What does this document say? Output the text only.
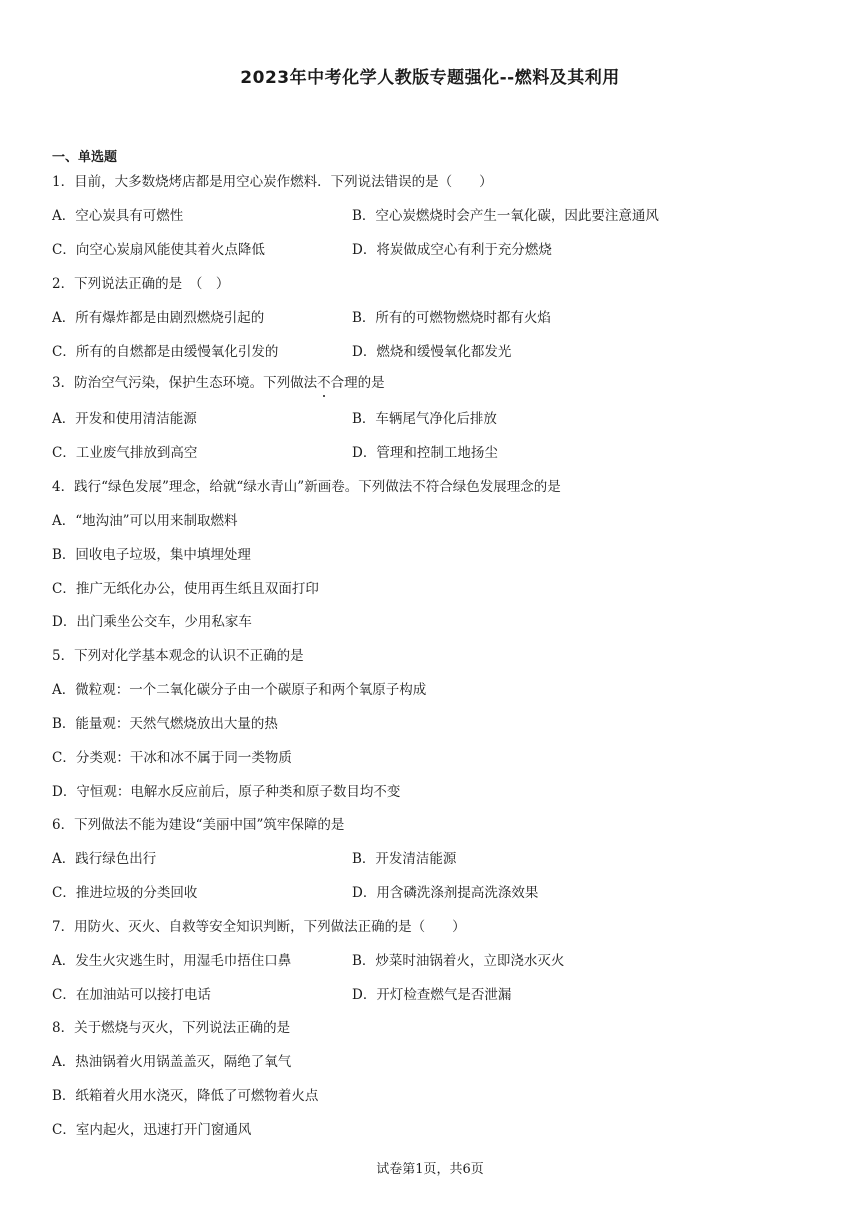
2023年中考化学人教版专题强化--燃料及其利用
一、单选题
1．目前，大多数烧烤店都是用空心炭作燃料．下列说法错误的是（　　）
A．空心炭具有可燃性	B．空心炭燃烧时会产生一氧化碳，因此要注意通风
C．向空心炭扇风能使其着火点降低	D．将炭做成空心有利于充分燃烧
2．下列说法正确的是　（　）
A．所有爆炸都是由剧烈燃烧引起的	B．所有的可燃物燃烧时都有火焰
C．所有的自燃都是由缓慢氧化引发的	D．燃烧和缓慢氧化都发光
3．防治空气污染，保护生态环境。下列做法不合理的是
A．开发和使用清洁能源	B．车辆尾气净化后排放
C．工业废气排放到高空	D．管理和控制工地扬尘
4．践行“绿色发展”理念，给就“绿水青山”新画卷。下列做法不符合绿色发展理念的是
A．“地沟油”可以用来制取燃料
B．回收电子垃圾，集中填埋处理
C．推广无纸化办公，使用再生纸且双面打印
D．出门乘坐公交车，少用私家车
5．下列对化学基本观念的认识不正确的是
A．微粒观：一个二氧化碳分子由一个碳原子和两个氧原子构成
B．能量观：天然气燃烧放出大量的热
C．分类观：干冰和冰不属于同一类物质
D．守恒观：电解水反应前后，原子种类和原子数目均不变
6．下列做法不能为建设“美丽中国”筑牢保障的是
A．践行绿色出行	B．开发清洁能源
C．推进垃圾的分类回收	D．用含磷洗涤剂提高洗涤效果
7．用防火、灭火、自救等安全知识判断，下列做法正确的是（　　）
A．发生火灾逃生时，用湿毛巾捂住口鼻	B．炒菜时油锅着火，立即浇水灭火
C．在加油站可以接打电话	D．开灯检查燃气是否泄漏
8．关于燃烧与灭火，下列说法正确的是
A．热油锅着火用锅盖盖灭，隔绝了氧气
B．纸箱着火用水浇灭，降低了可燃物着火点
C．室内起火，迅速打开门窗通风
试卷第1页，共6页
